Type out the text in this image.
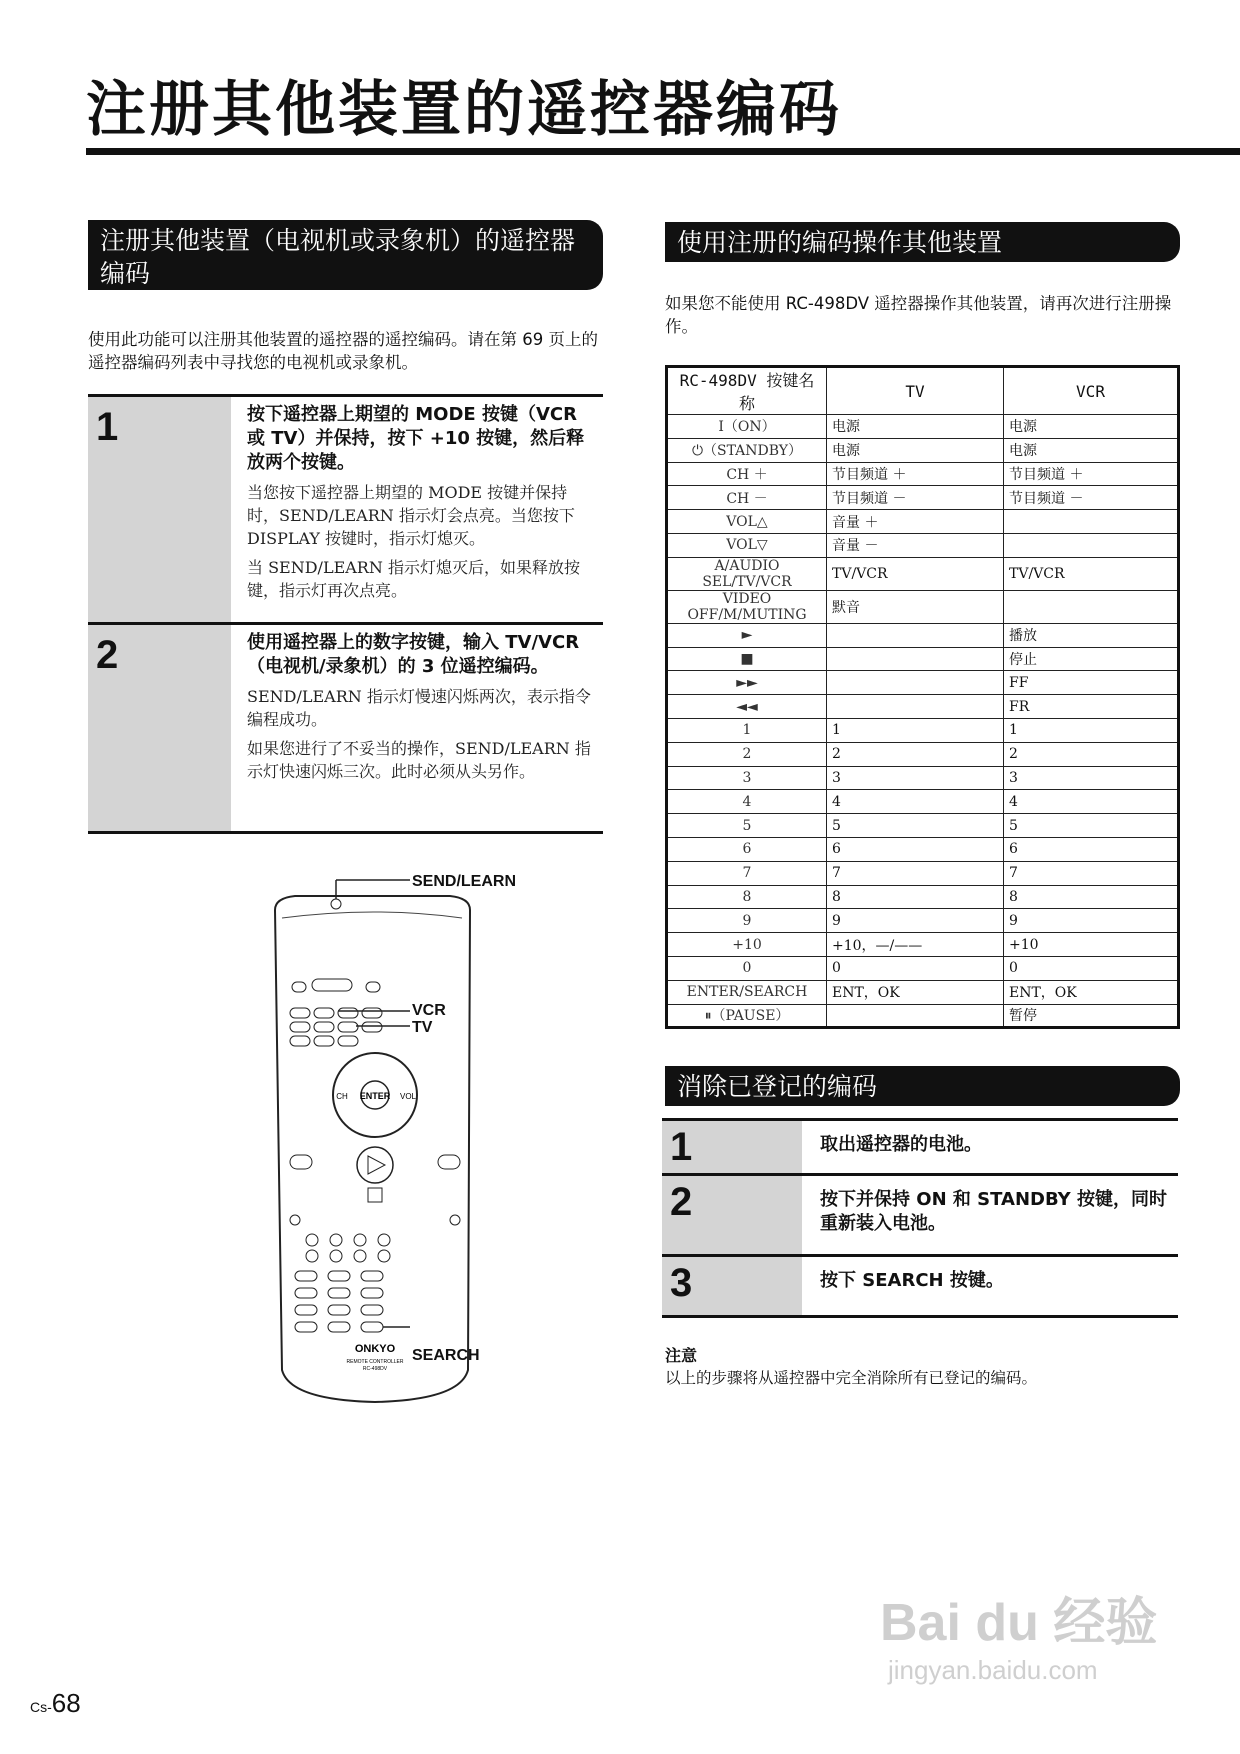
注册其他装置的遥控器编码
注册其他装置（电视机或录象机）的遥控器编码
使用此功能可以注册其他装置的遥控器的遥控编码。请在第 69 页上的遥控器编码列表中寻找您的电视机或录象机。
1	按下遥控器上期望的 MODE 按键（VCR 或 TV）并保持，按下 +10 按键，然后释放两个按键。
当您按下遥控器上期望的 MODE 按键并保持时，SEND/LEARN 指示灯会点亮。当您按下 DISPLAY 按键时，指示灯熄灭。
当 SEND/LEARN 指示灯熄灭后，如果释放按键，指示灯再次点亮。
2	使用遥控器上的数字按键，输入 TV/VCR（电视机/录象机）的 3 位遥控编码。
SEND/LEARN 指示灯慢速闪烁两次，表示指令编程成功。
如果您进行了不妥当的操作，SEND/LEARN 指示灯快速闪烁三次。此时必须从头另作。
ENTER
CH	VOL
ONKYO
REMOTE CONTROLLER
RC-498DV
SEND/LEARN
VCR
TV
SEARCH
使用注册的编码操作其他装置
如果您不能使用 RC-498DV 遥控器操作其他装置，请再次进行注册操作。
RC-498DV 按键名称	TV	VCR
I（ON）	电源	电源
⏻（STANDBY）	电源	电源
CH ＋	节目频道 ＋	节目频道 ＋
CH －	节目频道 －	节目频道 －
VOL△	音量 ＋	
VOL▽	音量 －	
A/AUDIO SEL/TV/VCR	TV/VCR	TV/VCR
VIDEO OFF/M/MUTING	默音	
►		播放
■		停止
►►		FF
◄◄		FR
1	1	1
2	2	2
3	3	3
4	4	4
5	5	5
6	6	6
7	7	7
8	8	8
9	9	9
+10	+10，—/——	+10
0	0	0
ENTER/SEARCH	ENT，OK	ENT，OK
⏸（PAUSE）		暂停
消除已登记的编码
1	取出遥控器的电池。
2	按下并保持 ON 和 STANDBY 按键，同时重新装入电池。
3	按下 SEARCH 按键。
注意
以上的步骤将从遥控器中完全消除所有已登记的编码。
Cs-68
Bai du 经验
jingyan.baidu.com
